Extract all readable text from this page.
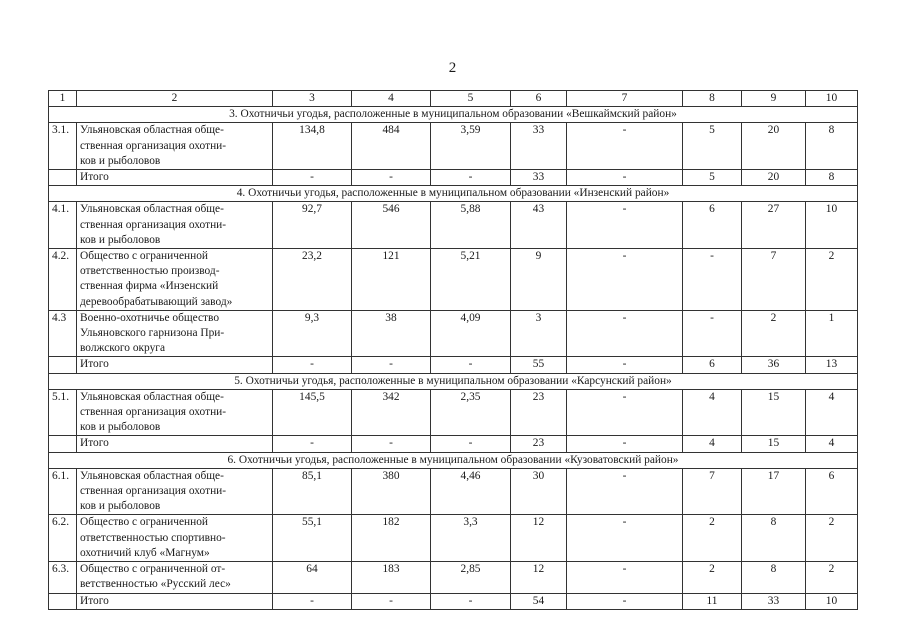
2
1	2	3	4	5	6	7	8	9	10
3. Охотничьи угодья, расположенные в муниципальном образовании «Вешкаймский район»									
3.1.	Ульяновская областная обще-
ственная организация охотни-
ков и рыболовов	134,8	484	3,59	33	-	5	20	8
	Итого	-	-	-	33	-	5	20	8
4. Охотничьи угодья, расположенные в муниципальном образовании «Инзенский район»									
4.1.	Ульяновская областная обще-
ственная организация охотни-
ков и рыболовов	92,7	546	5,88	43	-	6	27	10
4.2.	Общество с ограниченной
ответственностью производ-
ственная фирма «Инзенский
деревообрабатывающий завод»	23,2	121	5,21	9	-	-	7	2
4.3	Военно-охотничье общество
Ульяновского гарнизона При-
волжского округа	9,3	38	4,09	3	-	-	2	1
	Итого	-	-	-	55	-	6	36	13
5. Охотничьи угодья, расположенные в муниципальном образовании «Карсунский район»									
5.1.	Ульяновская областная обще-
ственная организация охотни-
ков и рыболовов	145,5	342	2,35	23	-	4	15	4
	Итого	-	-	-	23	-	4	15	4
6. Охотничьи угодья, расположенные в муниципальном образовании «Кузоватовский район»									
6.1.	Ульяновская областная обще-
ственная организация охотни-
ков и рыболовов	85,1	380	4,46	30	-	7	17	6
6.2.	Общество с ограниченной
ответственностью спортивно-
охотничий клуб «Магнум»	55,1	182	3,3	12	-	2	8	2
6.3.	Общество с ограниченной от-
ветственностью «Русский лес»	64	183	2,85	12	-	2	8	2
	Итого	-	-	-	54	-	11	33	10
